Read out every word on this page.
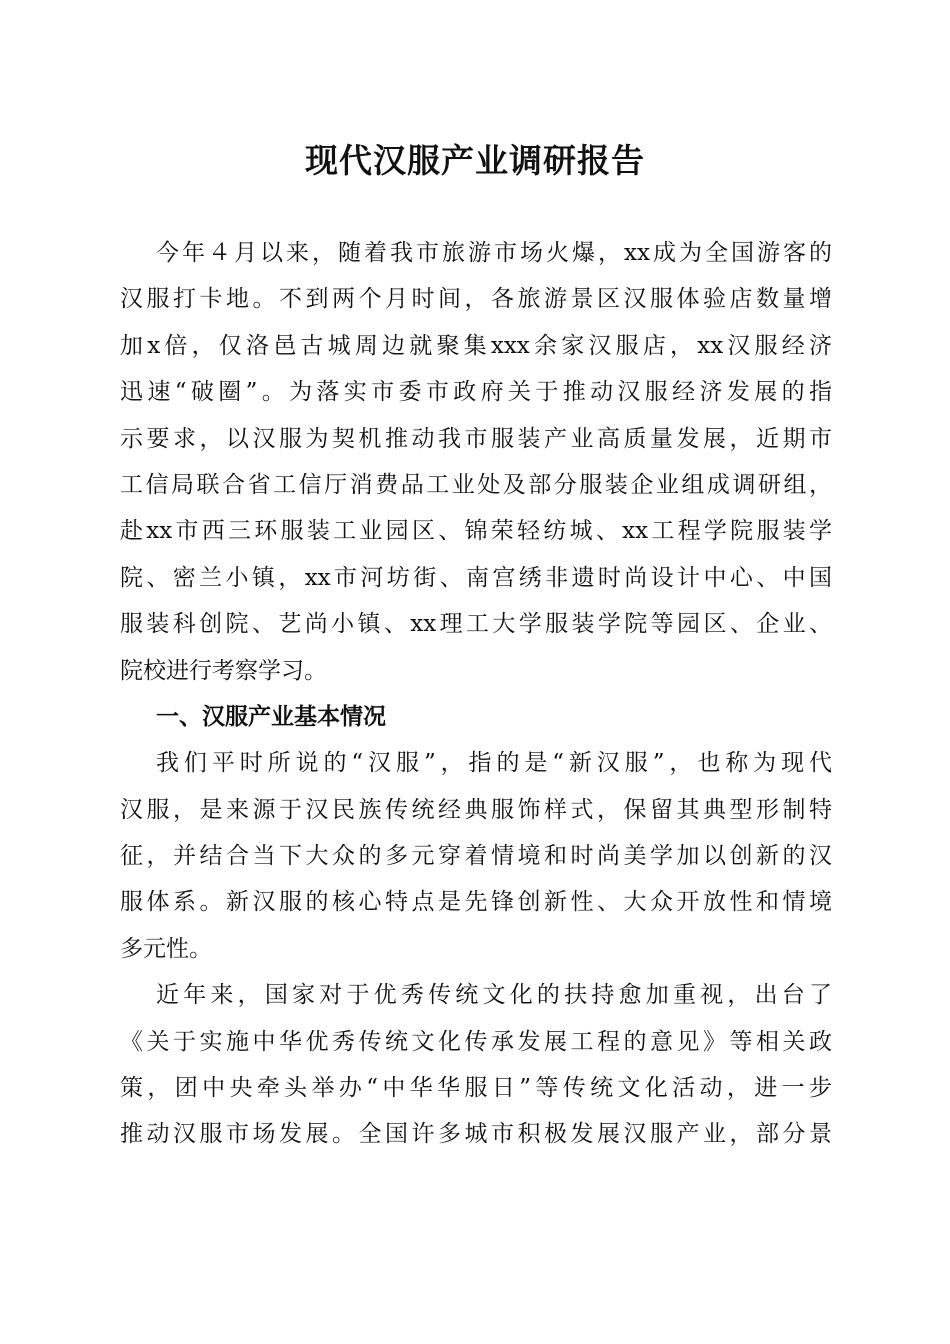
现代汉服产业调研报告
今年４月以来，随着我市旅游市场火爆，xx成为全国游客的
汉服打卡地。不到两个月时间，各旅游景区汉服体验店数量增
加x倍，仅洛邑古城周边就聚集xxx余家汉服店，xx汉服经济
迅速“破圈”。为落实市委市政府关于推动汉服经济发展的指
示要求，以汉服为契机推动我市服装产业高质量发展，近期市
工信局联合省工信厅消费品工业处及部分服装企业组成调研组，
赴xx市西三环服装工业园区、锦荣轻纺城、xx工程学院服装学
院、密兰小镇，xx市河坊街、南宫绣非遗时尚设计中心、中国
服装科创院、艺尚小镇、xx理工大学服装学院等园区、企业、
院校进行考察学习。
一、汉服产业基本情况
我们平时所说的“汉服”，指的是“新汉服”，也称为现代
汉服，是来源于汉民族传统经典服饰样式，保留其典型形制特
征，并结合当下大众的多元穿着情境和时尚美学加以创新的汉
服体系。新汉服的核心特点是先锋创新性、大众开放性和情境
多元性。
近年来，国家对于优秀传统文化的扶持愈加重视，出台了
《关于实施中华优秀传统文化传承发展工程的意见》等相关政
策，团中央牵头举办“中华华服日”等传统文化活动，进一步
推动汉服市场发展。全国许多城市积极发展汉服产业，部分景
